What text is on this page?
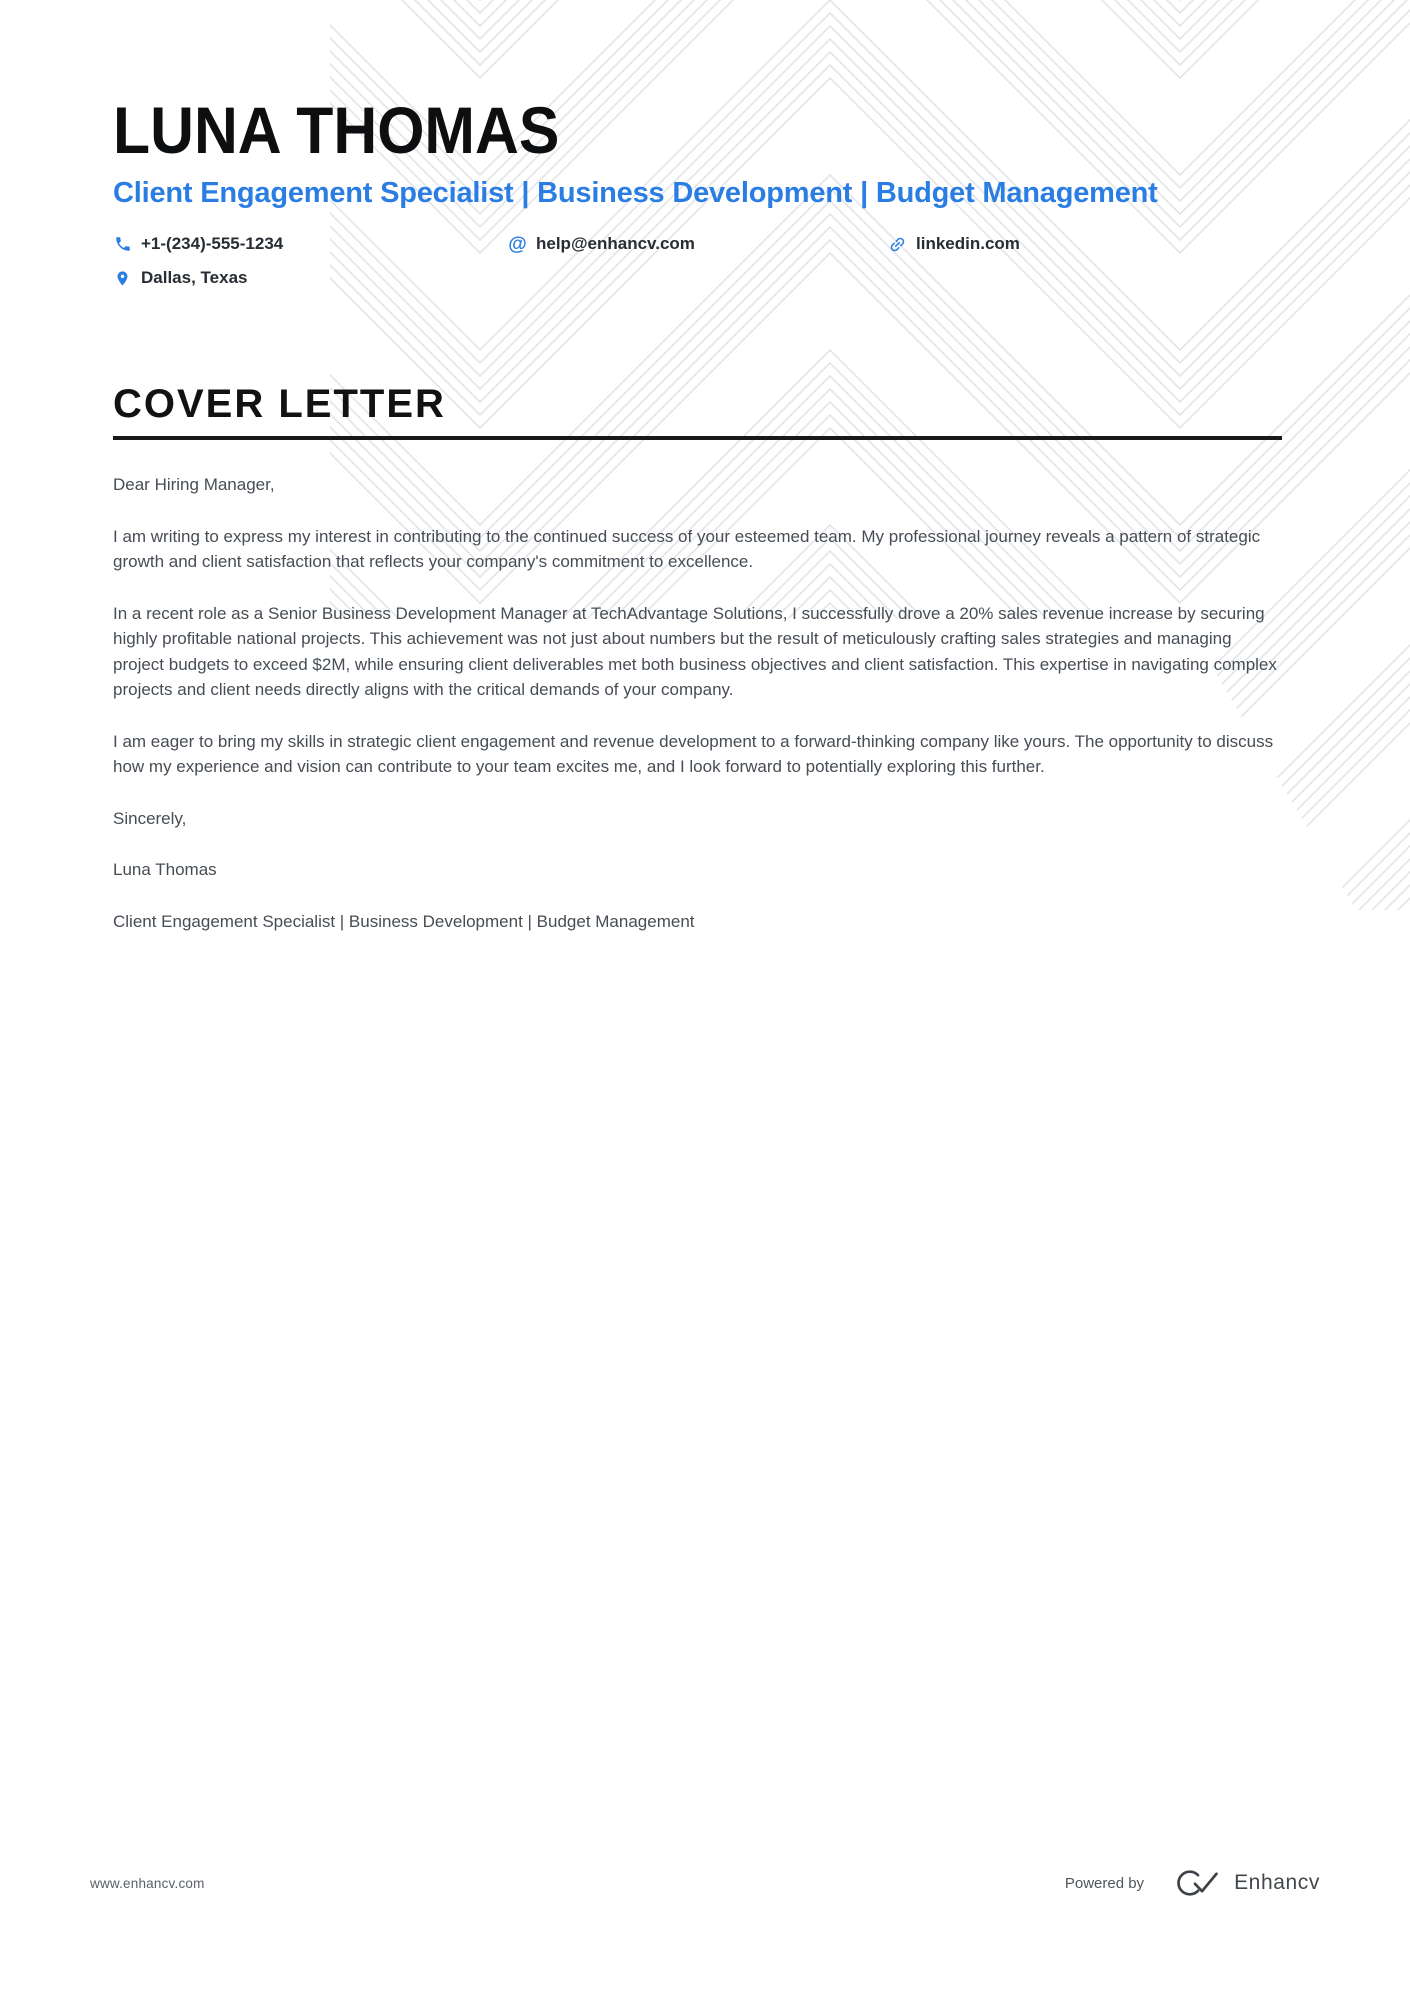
LUNA THOMAS
Client Engagement Specialist | Business Development | Budget Management
+1-(234)-555-1234	@ help@enhancv.com	linkedin.com
Dallas, Texas
COVER LETTER

Dear Hiring Manager,

I am writing to express my interest in contributing to the continued success of your esteemed team. My professional journey reveals a pattern of strategic growth and client satisfaction that reflects your company's commitment to excellence.

In a recent role as a Senior Business Development Manager at TechAdvantage Solutions, I successfully drove a 20% sales revenue increase by securing highly profitable national projects. This achievement was not just about numbers but the result of meticulously crafting sales strategies and managing project budgets to exceed $2M, while ensuring client deliverables met both business objectives and client satisfaction. This expertise in navigating complex projects and client needs directly aligns with the critical demands of your company.

I am eager to bring my skills in strategic client engagement and revenue development to a forward-thinking company like yours. The opportunity to discuss how my experience and vision can contribute to your team excites me, and I look forward to potentially exploring this further.

Sincerely,

Luna Thomas

Client Engagement Specialist | Business Development | Budget Management

www.enhancv.com	Powered by	Enhancv
